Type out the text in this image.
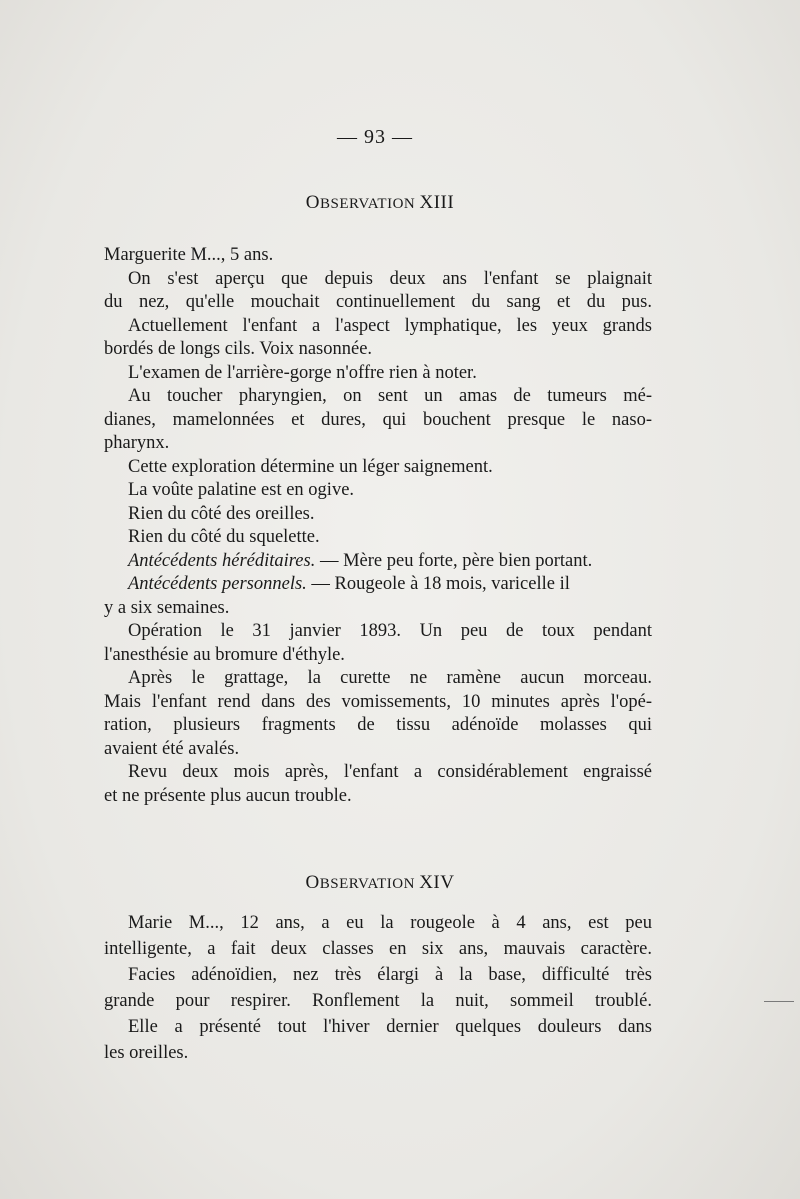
— 93 —
OBSERVATION XIII
Marguerite M..., 5 ans.
On s'est aperçu que depuis deux ans l'enfant se plaignait
du nez, qu'elle mouchait continuellement du sang et du pus.
Actuellement l'enfant a l'aspect lymphatique, les yeux grands
bordés de longs cils. Voix nasonnée.
L'examen de l'arrière-gorge n'offre rien à noter.
Au toucher pharyngien, on sent un amas de tumeurs mé-
dianes, mamelonnées et dures, qui bouchent presque le naso-
pharynx.
Cette exploration détermine un léger saignement.
La voûte palatine est en ogive.
Rien du côté des oreilles.
Rien du côté du squelette.
Antécédents héréditaires. — Mère peu forte, père bien portant.
Antécédents personnels. — Rougeole à 18 mois, varicelle il
y a six semaines.
Opération le 31 janvier 1893. Un peu de toux pendant
l'anesthésie au bromure d'éthyle.
Après le grattage, la curette ne ramène aucun morceau.
Mais l'enfant rend dans des vomissements, 10 minutes après l'opé-
ration, plusieurs fragments de tissu adénoïde molasses qui
avaient été avalés.
Revu deux mois après, l'enfant a considérablement engraissé
et ne présente plus aucun trouble.
OBSERVATION XIV
Marie M..., 12 ans, a eu la rougeole à 4 ans, est peu
intelligente, a fait deux classes en six ans, mauvais caractère.
Facies adénoïdien, nez très élargi à la base, difficulté très
grande pour respirer. Ronflement la nuit, sommeil troublé.
Elle a présenté tout l'hiver dernier quelques douleurs dans
les oreilles.
